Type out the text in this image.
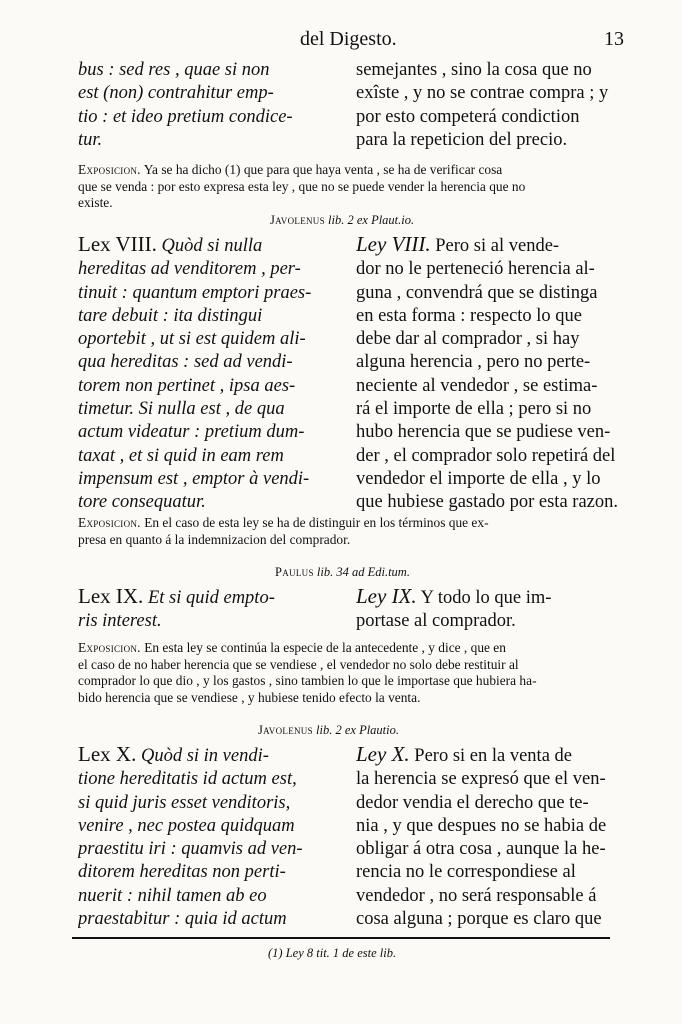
del Digesto.	13
bus : sed res , quae si non
est (non) contrahitur emp-
tio : et ideo pretium condice-
tur.
semejantes , sino la cosa que no
exîste , y no se contrae compra ; y
por esto competerá condiction
para la repeticion del precio.
Exposicion. Ya se ha dicho (1) que para que haya venta , se ha de verificar cosa
que se venda : por esto expresa esta ley , que no se puede vender la herencia que no
existe.
Javolenus lib. 2 ex Plaut.io.
Lex VIII. Quòd si nulla
hereditas ad venditorem , per-
tinuit : quantum emptori praes-
tare debuit : ita distingui
oportebit , ut si est quidem ali-
qua hereditas : sed ad vendi-
torem non pertinet , ipsa aes-
timetur. Si nulla est , de qua
actum videatur : pretium dum-
taxat , et si quid in eam rem
impensum est , emptor à vendi-
tore consequatur.
Ley VIII. Pero si al vende-
dor no le perteneció herencia al-
guna , convendrá que se distinga
en esta forma : respecto lo que
debe dar al comprador , si hay
alguna herencia , pero no perte-
neciente al vendedor , se estima-
rá el importe de ella ; pero si no
hubo herencia que se pudiese ven-
der , el comprador solo repetirá del
vendedor el importe de ella , y lo
que hubiese gastado por esta razon.
Exposicion. En el caso de esta ley se ha de distinguir en los términos que ex-
presa en quanto á la indemnizacion del comprador.
Paulus lib. 34 ad Edi.tum.
Lex IX. Et si quid empto-
ris interest.
Ley IX. Y todo lo que im-
portase al comprador.
Exposicion. En esta ley se continúa la especie de la antecedente , y dice , que en
el caso de no haber herencia que se vendiese , el vendedor no solo debe restituir al
comprador lo que dio , y los gastos , sino tambien lo que le importase que hubiera ha-
bido herencia que se vendiese , y hubiese tenido efecto la venta.
Javolenus lib. 2 ex Plautio.
Lex X. Quòd si in vendi-
tione hereditatis id actum est,
si quid juris esset venditoris,
venire , nec postea quidquam
praestitu iri : quamvis ad ven-
ditorem hereditas non perti-
nuerit : nihil tamen ab eo
praestabitur : quia id actum
Ley X. Pero si en la venta de
la herencia se expresó que el ven-
dedor vendia el derecho que te-
nia , y que despues no se habia de
obligar á otra cosa , aunque la he-
rencia no le correspondiese al
vendedor , no será responsable á
cosa alguna ; porque es claro que
(1) Ley 8 tit. 1 de este lib.
